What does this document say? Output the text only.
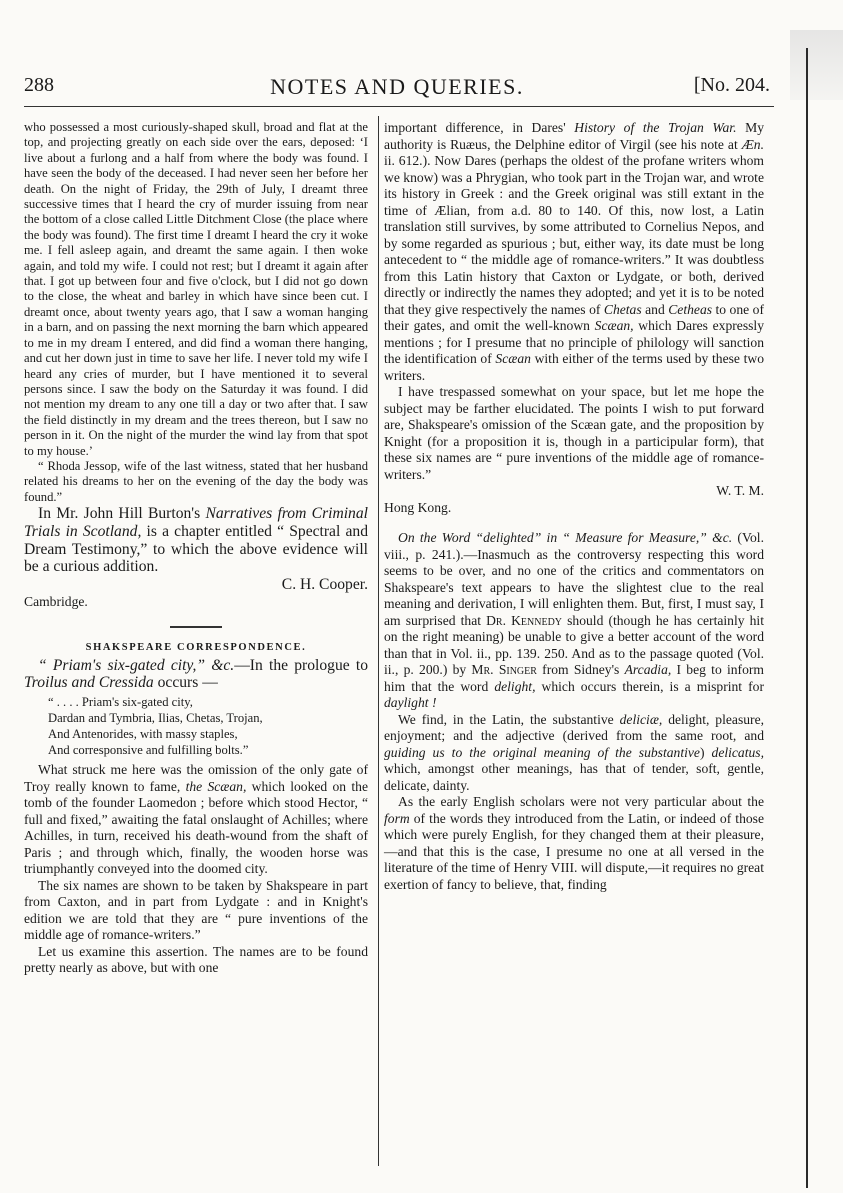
288	NOTES AND QUERIES.	[No. 204.

who possessed a most curiously-shaped skull, broad and flat at the top, and projecting greatly on each side over the ears, deposed: ‘I live about a furlong and a half from where the body was found. I have seen the body of the deceased. I had never seen her before her death. On the night of Friday, the 29th of July, I dreamt three successive times that I heard the cry of murder issuing from near the bottom of a close called Little Ditchment Close (the place where the body was found). The first time I dreamt I heard the cry it woke me. I fell asleep again, and dreamt the same again. I then woke again, and told my wife. I could not rest; but I dreamt it again after that. I got up between four and five o'clock, but I did not go down to the close, the wheat and barley in which have since been cut. I dreamt once, about twenty years ago, that I saw a woman hanging in a barn, and on passing the next morning the barn which appeared to me in my dream I entered, and did find a woman there hanging, and cut her down just in time to save her life. I never told my wife I heard any cries of murder, but I have mentioned it to several persons since. I saw the body on the Saturday it was found. I did not mention my dream to any one till a day or two after that. I saw the field distinctly in my dream and the trees thereon, but I saw no person in it. On the night of the murder the wind lay from that spot to my house.’

“ Rhoda Jessop, wife of the last witness, stated that her husband related his dreams to her on the evening of the day the body was found.”

In Mr. John Hill Burton's Narratives from Criminal Trials in Scotland, is a chapter entitled “ Spectral and Dream Testimony,” to which the above evidence will be a curious addition.

C. H. Cooper.

Cambridge.

SHAKSPEARE CORRESPONDENCE.

“ Priam's six-gated city,” &c.—In the prologue to Troilus and Cressida occurs —

“ . . . . Priam's six-gated city,
Dardan and Tymbria, Ilias, Chetas, Trojan,
And Antenorides, with massy staples,
And corresponsive and fulfilling bolts.”

What struck me here was the omission of the only gate of Troy really known to fame, the Scæan, which looked on the tomb of the founder Laomedon ; before which stood Hector, “ full and fixed,” awaiting the fatal onslaught of Achilles; where Achilles, in turn, received his death-wound from the shaft of Paris ; and through which, finally, the wooden horse was triumphantly conveyed into the doomed city.

The six names are shown to be taken by Shakspeare in part from Caxton, and in part from Lydgate : and in Knight's edition we are told that they are “ pure inventions of the middle age of romance-writers.”

Let us examine this assertion. The names are to be found pretty nearly as above, but with one

important difference, in Dares' History of the Trojan War. My authority is Ruæus, the Delphine editor of Virgil (see his note at Æn. ii. 612.). Now Dares (perhaps the oldest of the profane writers whom we know) was a Phrygian, who took part in the Trojan war, and wrote its history in Greek : and the Greek original was still extant in the time of Ælian, from a.d. 80 to 140. Of this, now lost, a Latin translation still survives, by some attributed to Cornelius Nepos, and by some regarded as spurious ; but, either way, its date must be long antecedent to “ the middle age of romance-writers.” It was doubtless from this Latin history that Caxton or Lydgate, or both, derived directly or indirectly the names they adopted; and yet it is to be noted that they give respectively the names of Chetas and Cetheas to one of their gates, and omit the well-known Scæan, which Dares expressly mentions ; for I presume that no principle of philology will sanction the identification of Scæan with either of the terms used by these two writers.

I have trespassed somewhat on your space, but let me hope the subject may be farther elucidated. The points I wish to put forward are, Shakspeare's omission of the Scæan gate, and the proposition by Knight (for a proposition it is, though in a participular form), that these six names are “ pure inventions of the middle age of romance-writers.”

W. T. M.

Hong Kong.

On the Word “delighted” in “ Measure for Measure,” &c. (Vol. viii., p. 241.).—Inasmuch as the controversy respecting this word seems to be over, and no one of the critics and commentators on Shakspeare's text appears to have the slightest clue to the real meaning and derivation, I will enlighten them. But, first, I must say, I am surprised that Dr. Kennedy should (though he has certainly hit on the right meaning) be unable to give a better account of the word than that in Vol. ii., pp. 139. 250. And as to the passage quoted (Vol. ii., p. 200.) by Mr. Singer from Sidney's Arcadia, I beg to inform him that the word delight, which occurs therein, is a misprint for daylight !

We find, in the Latin, the substantive deliciæ, delight, pleasure, enjoyment; and the adjective (derived from the same root, and guiding us to the original meaning of the substantive) delicatus, which, amongst other meanings, has that of tender, soft, gentle, delicate, dainty.

As the early English scholars were not very particular about the form of the words they introduced from the Latin, or indeed of those which were purely English, for they changed them at their pleasure,—and that this is the case, I presume no one at all versed in the literature of the time of Henry VIII. will dispute,—it requires no great exertion of fancy to believe, that, finding
